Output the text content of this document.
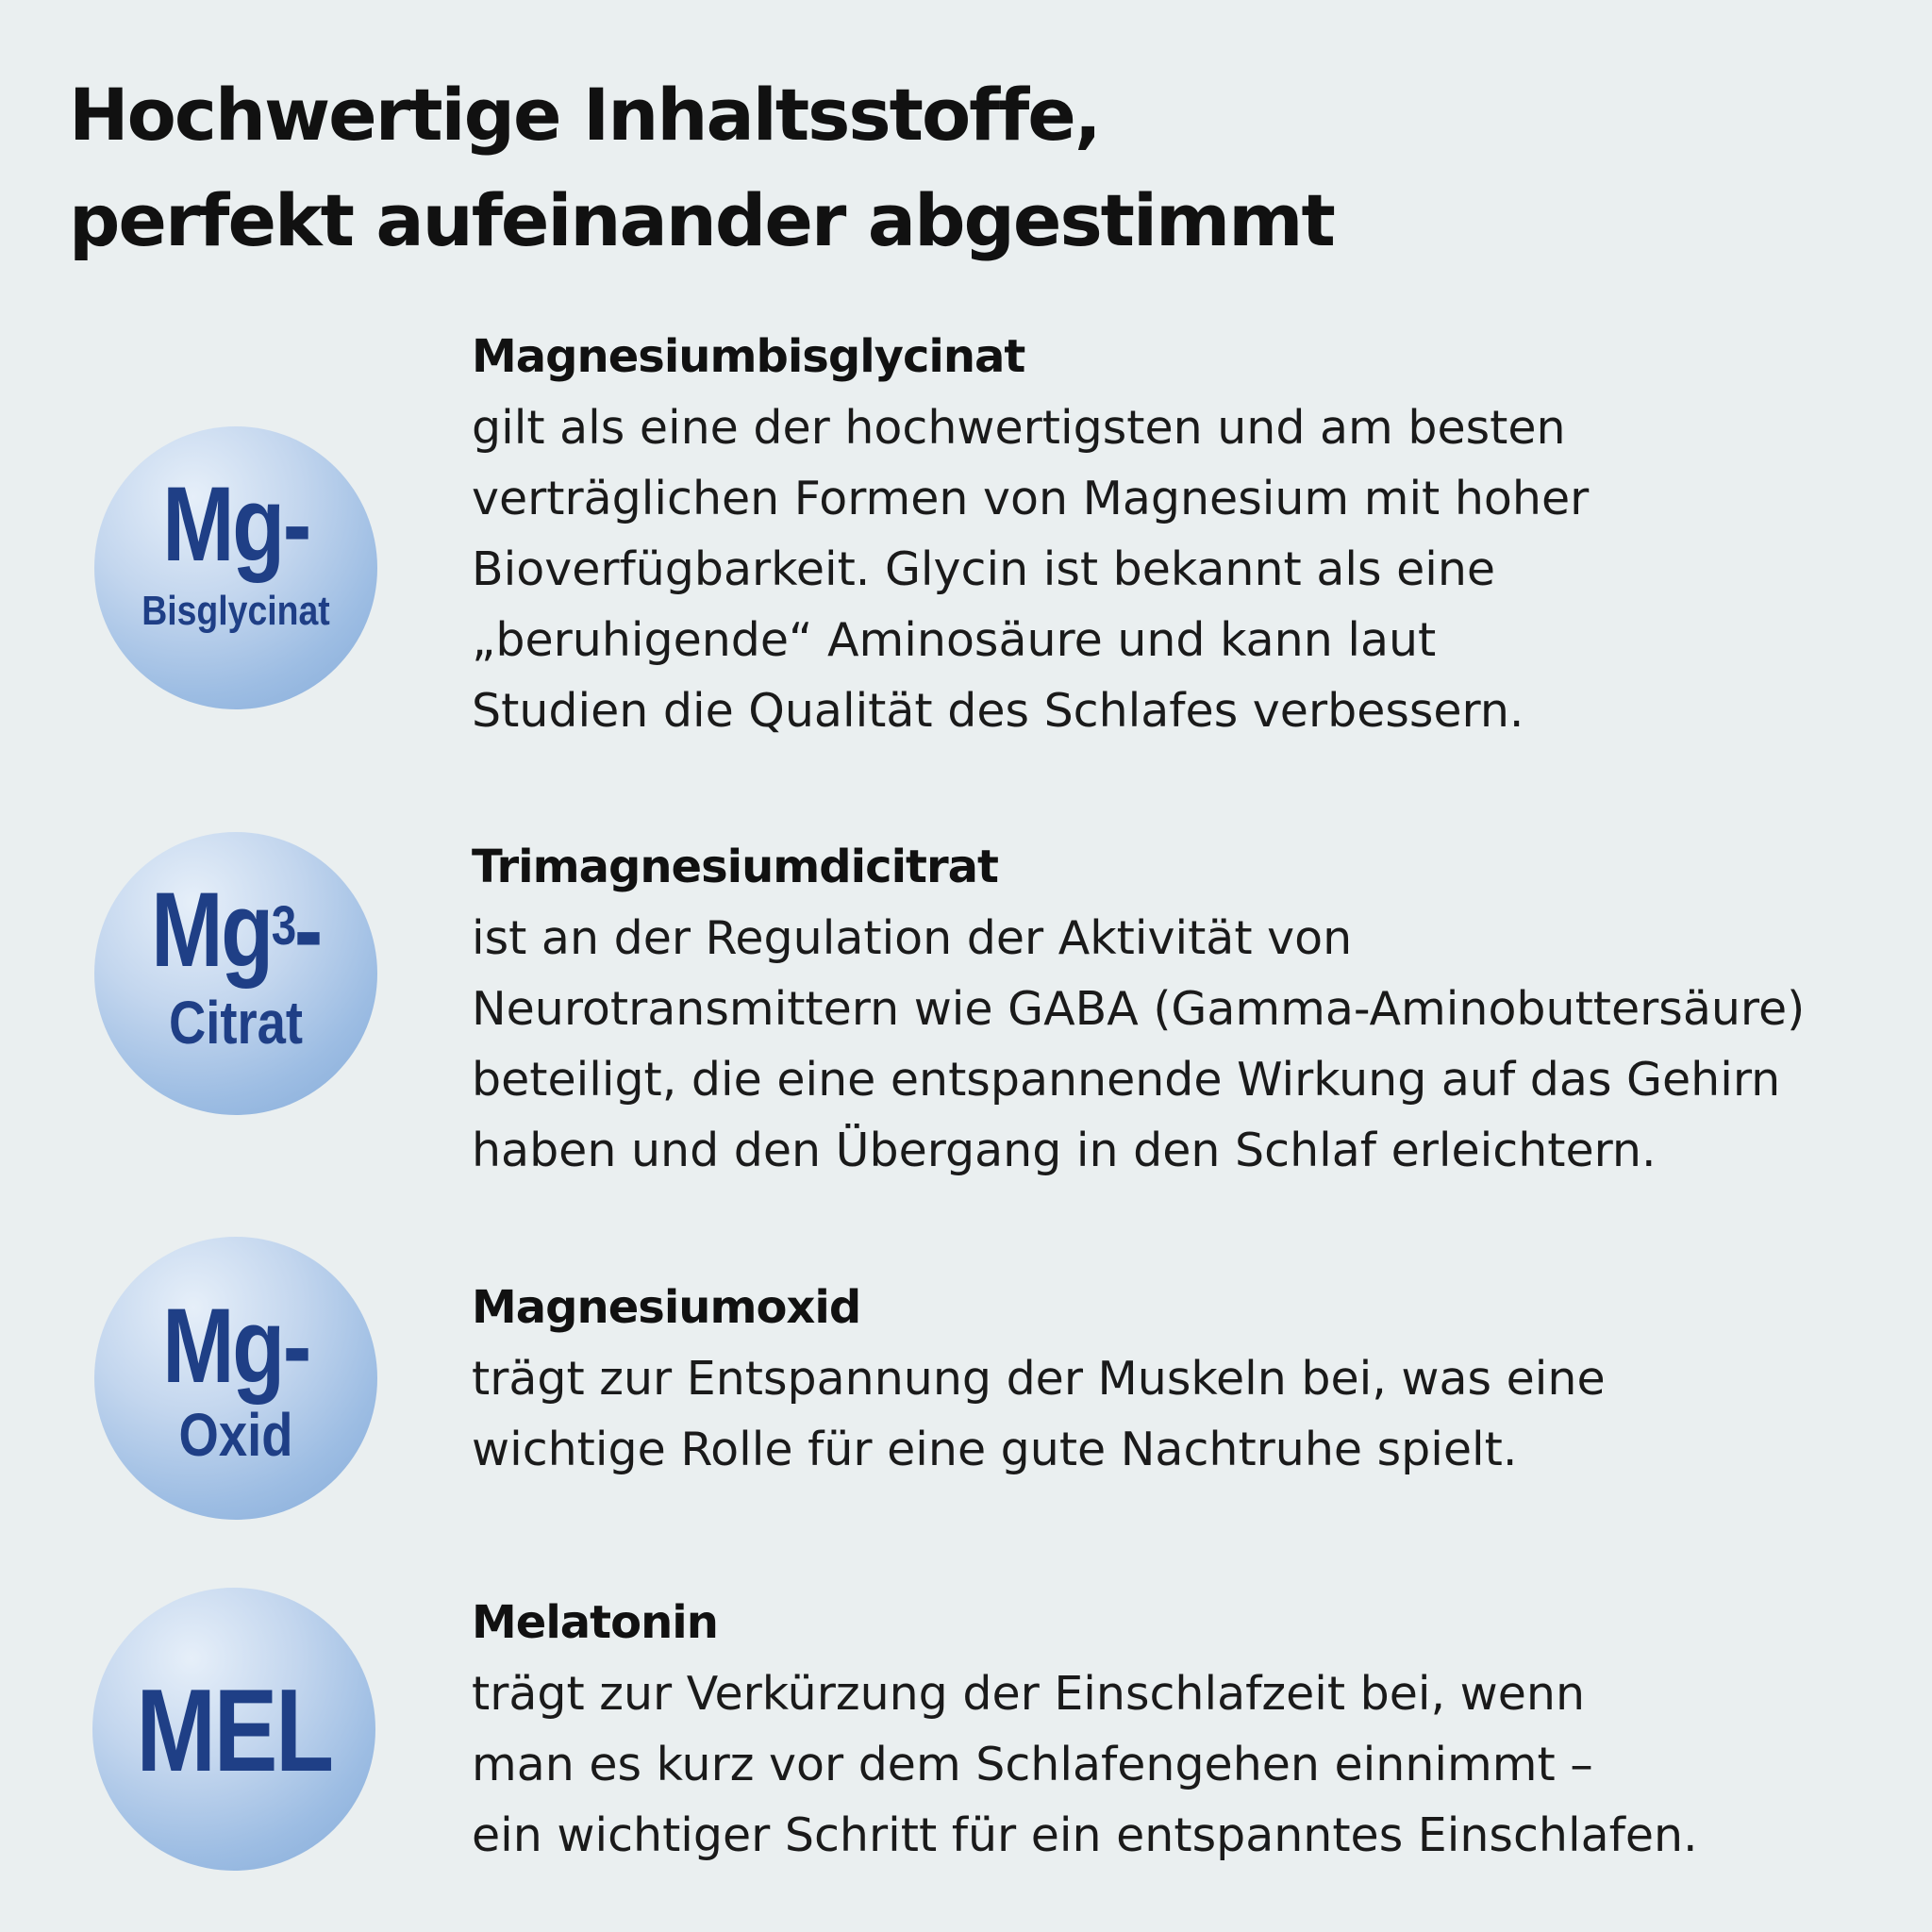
Hochwertige Inhaltsstoffe,
perfekt aufeinander abgestimmt
Mg-
Bisglycinat
Magnesiumbisglycinat

gilt als eine der hochwertigsten und am besten
verträglichen Formen von Magnesium mit hoher
Bioverfügbarkeit. Glycin ist bekannt als eine
„beruhigende“ Aminosäure und kann laut
Studien die Qualität des Schlafes verbessern.

Mg$^3$-
Citrat
Trimagnesiumdicitrat

ist an der Regulation der Aktivität von
Neurotransmittern wie GABA (Gamma-Aminobuttersäure)
beteiligt, die eine entspannende Wirkung auf das Gehirn
haben und den Übergang in den Schlaf erleichtern.

Mg-
Oxid
Magnesiumoxid

trägt zur Entspannung der Muskeln bei, was eine
wichtige Rolle für eine gute Nachtruhe spielt.

MEL
Melatonin

trägt zur Verkürzung der Einschlafzeit bei, wenn
man es kurz vor dem Schlafengehen einnimmt –
ein wichtiger Schritt für ein entspanntes Einschlafen.
